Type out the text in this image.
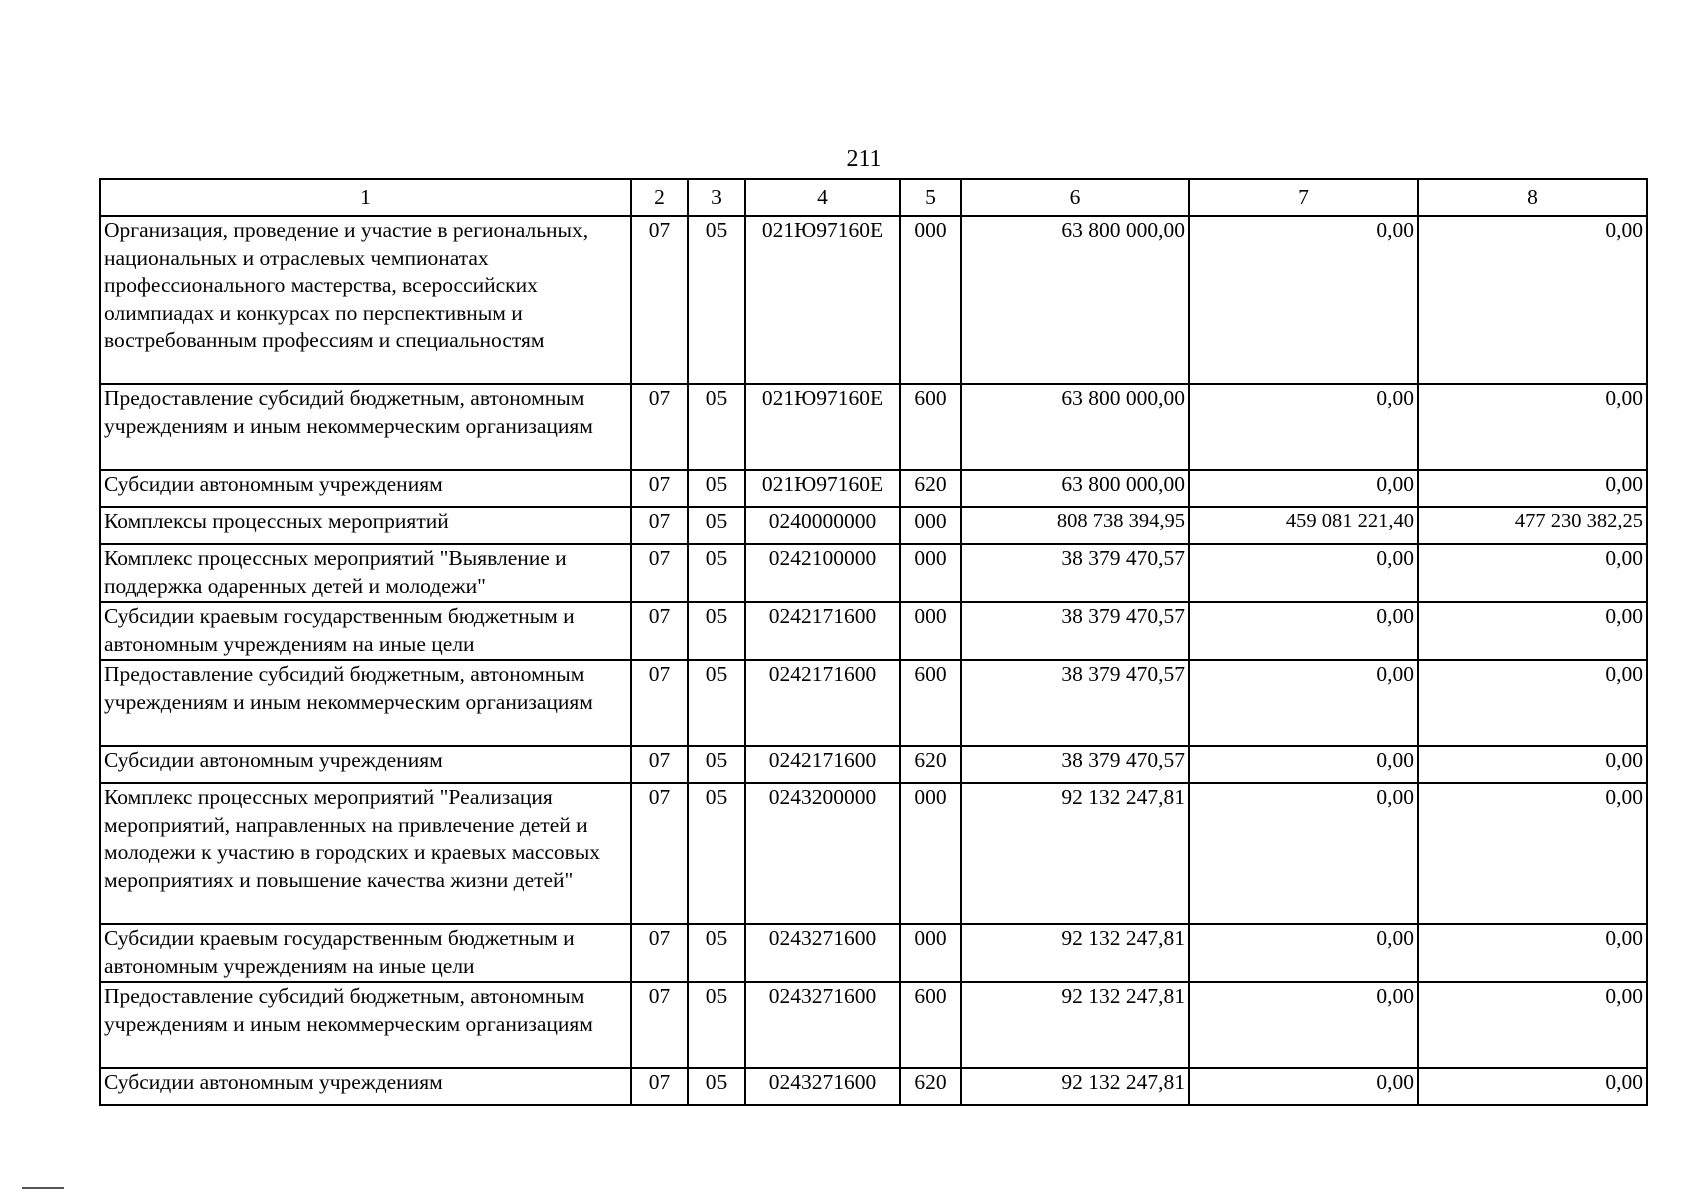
211
1	2	3	4	5	6	7	8
Организация, проведение и участие в региональных, национальных и отраслевых чемпионатах профессионального мастерства, всероссийских олимпиадах и конкурсах по перспективным и востребованным профессиям и специальностям	07	05	021Ю97160Е	000	63 800 000,00	0,00	0,00
Предоставление субсидий бюджетным, автономным учреждениям и иным некоммерческим организациям	07	05	021Ю97160Е	600	63 800 000,00	0,00	0,00
Субсидии автономным учреждениям	07	05	021Ю97160Е	620	63 800 000,00	0,00	0,00
Комплексы процессных мероприятий	07	05	0240000000	000	808 738 394,95	459 081 221,40	477 230 382,25
Комплекс процессных мероприятий "Выявление и поддержка одаренных детей и молодежи"	07	05	0242100000	000	38 379 470,57	0,00	0,00
Субсидии краевым государственным бюджетным и автономным учреждениям на иные цели	07	05	0242171600	000	38 379 470,57	0,00	0,00
Предоставление субсидий бюджетным, автономным учреждениям и иным некоммерческим организациям	07	05	0242171600	600	38 379 470,57	0,00	0,00
Субсидии автономным учреждениям	07	05	0242171600	620	38 379 470,57	0,00	0,00
Комплекс процессных мероприятий "Реализация мероприятий, направленных на привлечение детей и молодежи к участию в городских и краевых массовых мероприятиях и повышение качества жизни детей"	07	05	0243200000	000	92 132 247,81	0,00	0,00
Субсидии краевым государственным бюджетным и автономным учреждениям на иные цели	07	05	0243271600	000	92 132 247,81	0,00	0,00
Предоставление субсидий бюджетным, автономным учреждениям и иным некоммерческим организациям	07	05	0243271600	600	92 132 247,81	0,00	0,00
Субсидии автономным учреждениям	07	05	0243271600	620	92 132 247,81	0,00	0,00
